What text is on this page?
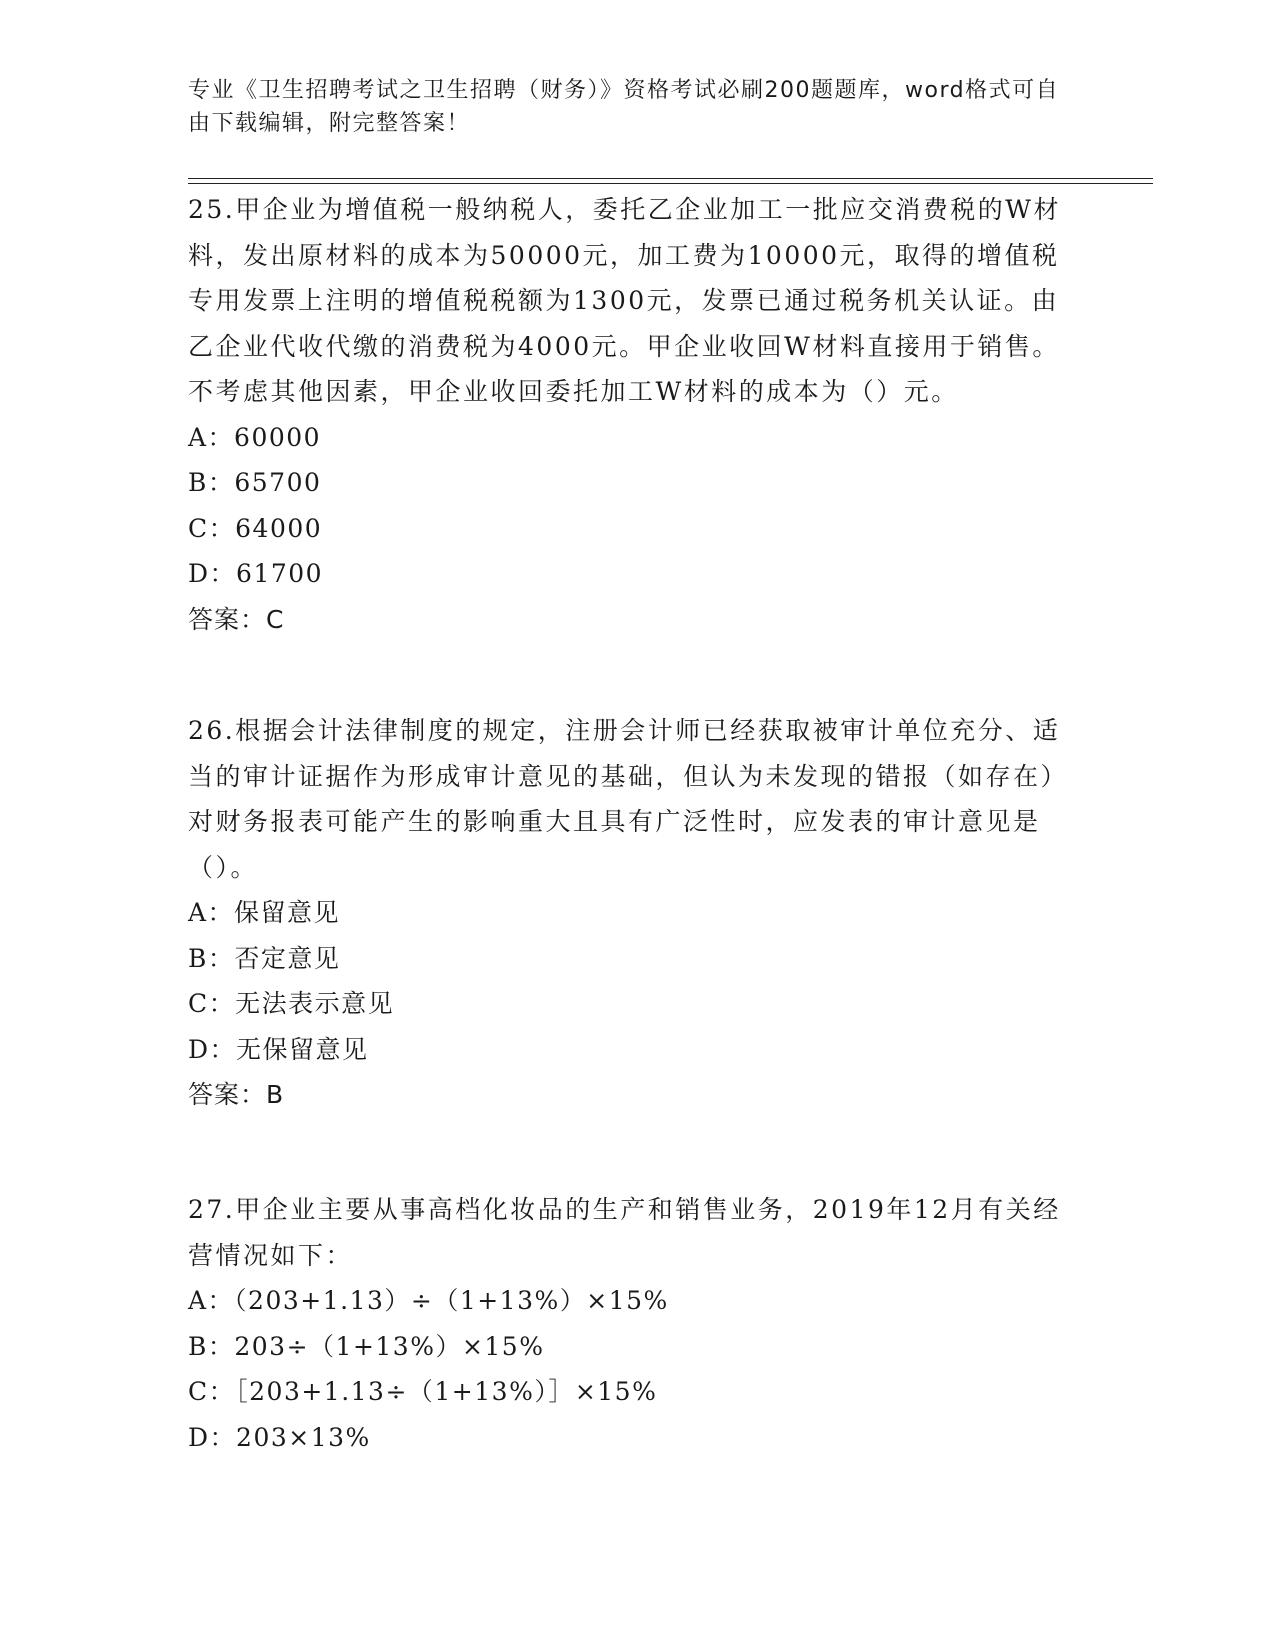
专业《卫生招聘考试之卫生招聘（财务）》资格考试必刷200题题库，word格式可自由下载编辑，附完整答案！

25.甲企业为增值税一般纳税人，委托乙企业加工一批应交消费税的W材料，发出原材料的成本为50000元，加工费为10000元，取得的增值税专用发票上注明的增值税税额为1300元，发票已通过税务机关认证。由乙企业代收代缴的消费税为4000元。甲企业收回W材料直接用于销售。不考虑其他因素，甲企业收回委托加工W材料的成本为（）元。

A：60000

B：65700

C：64000

D：61700

答案：C

26.根据会计法律制度的规定，注册会计师已经获取被审计单位充分、适当的审计证据作为形成审计意见的基础，但认为未发现的错报（如存在）对财务报表可能产生的影响重大且具有广泛性时，应发表的审计意见是（）。

A：保留意见

B：否定意见

C：无法表示意见

D：无保留意见

答案：B

27.甲企业主要从事高档化妆品的生产和销售业务，2019年12月有关经营情况如下：

A：（203+1.13）÷（1+13%）×15%

B：203÷（1+13%）×15%

C：［203+1.13÷（1+13%）］×15%

D：203×13%
